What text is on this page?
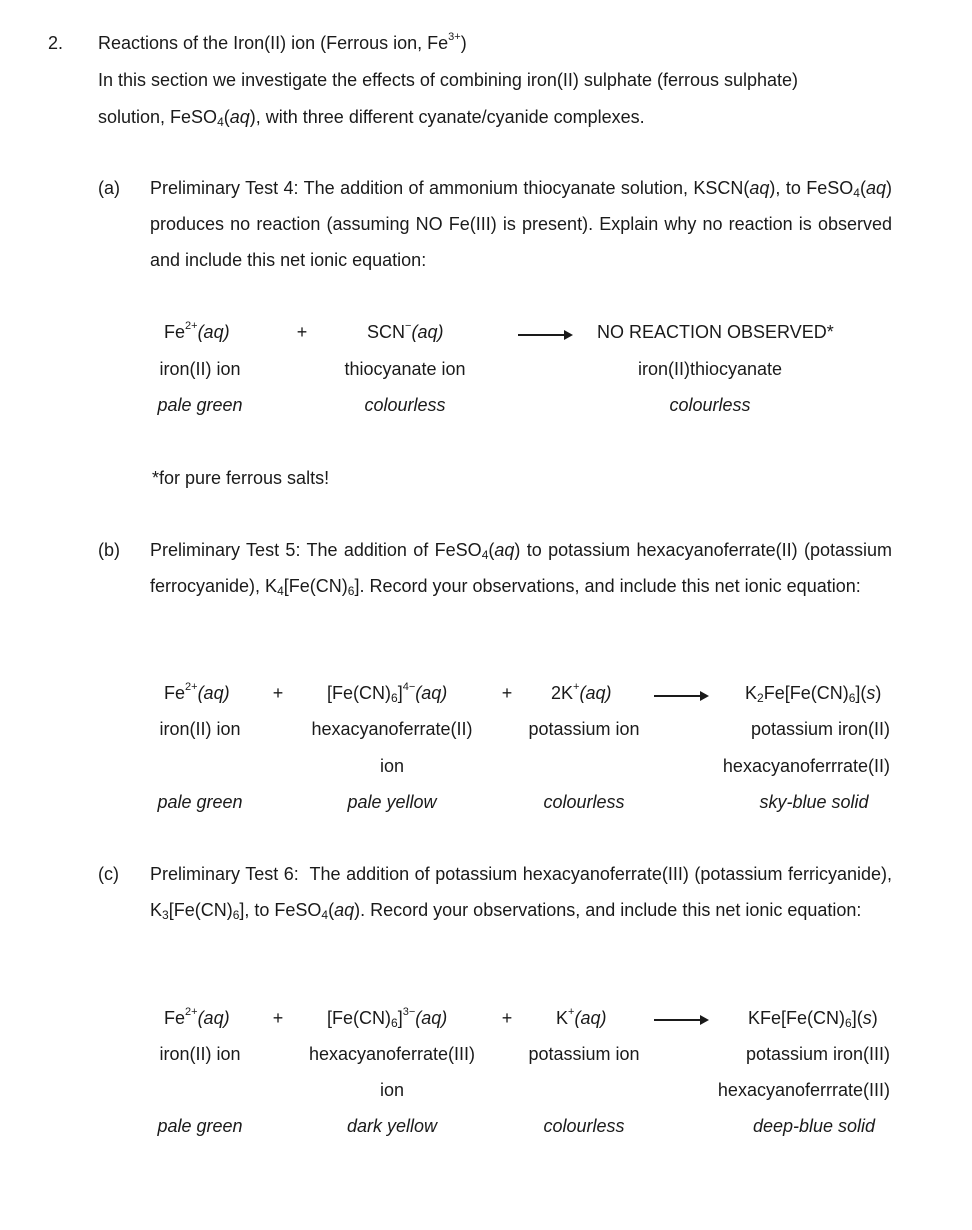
2. Reactions of the Iron(II) ion (Ferrous ion, $Fe^{3+}$)
In this section we investigate the effects of combining iron(II) sulphate (ferrous sulphate)
solution, FeSO$_4$(aq), with three different cyanate/cyanide complexes.
(a) Preliminary Test 4: The addition of ammonium thiocyanate solution, KSCN(aq), to FeSO$_4$(aq) produces no reaction (assuming NO Fe(III) is present). Explain why no reaction is observed and include this net ionic equation:
$Fe^{2+}(aq)$	+	SCN−(aq)	NO REACTION OBSERVED*
iron(II) ion	thiocyanate ion	iron(II)thiocyanate
pale green	colourless	colourless
*for pure ferrous salts!
(b) Preliminary Test 5: The addition of FeSO$_4$(aq) to potassium hexacyanoferrate(II) (potassium ferrocyanide), $K_4[Fe(CN)_6]$. Record your observations, and include this net ionic equation:
$Fe^{2+}(aq) + [Fe(CN)_6]^{4-}(aq)$	+ 2K+(aq)	$K_2Fe[Fe(CN)_6](s)$
iron(II) ion	hexacyanoferrate(II)	potassium ion	potassium iron(II)
ion	hexacyanoferrrate(II)
pale green	pale yellow	colourless	sky-blue solid
(c) Preliminary Test 6:  The addition of potassium hexacyanoferrate(III) (potassium ferricyanide), $K_3[Fe(CN)_6]$, to FeSO$_4$(aq). Record your observations, and include this net ionic equation:
$Fe^{2+}(aq) + [Fe(CN)_6]^{3-}(aq)$	+ K+(aq)	$KFe[Fe(CN)_6](s)$
iron(II) ion	hexacyanoferrate(III)	potassium ion	potassium iron(III)
ion	hexacyanoferrrate(III)
pale green	dark yellow	colourless	deep-blue solid
